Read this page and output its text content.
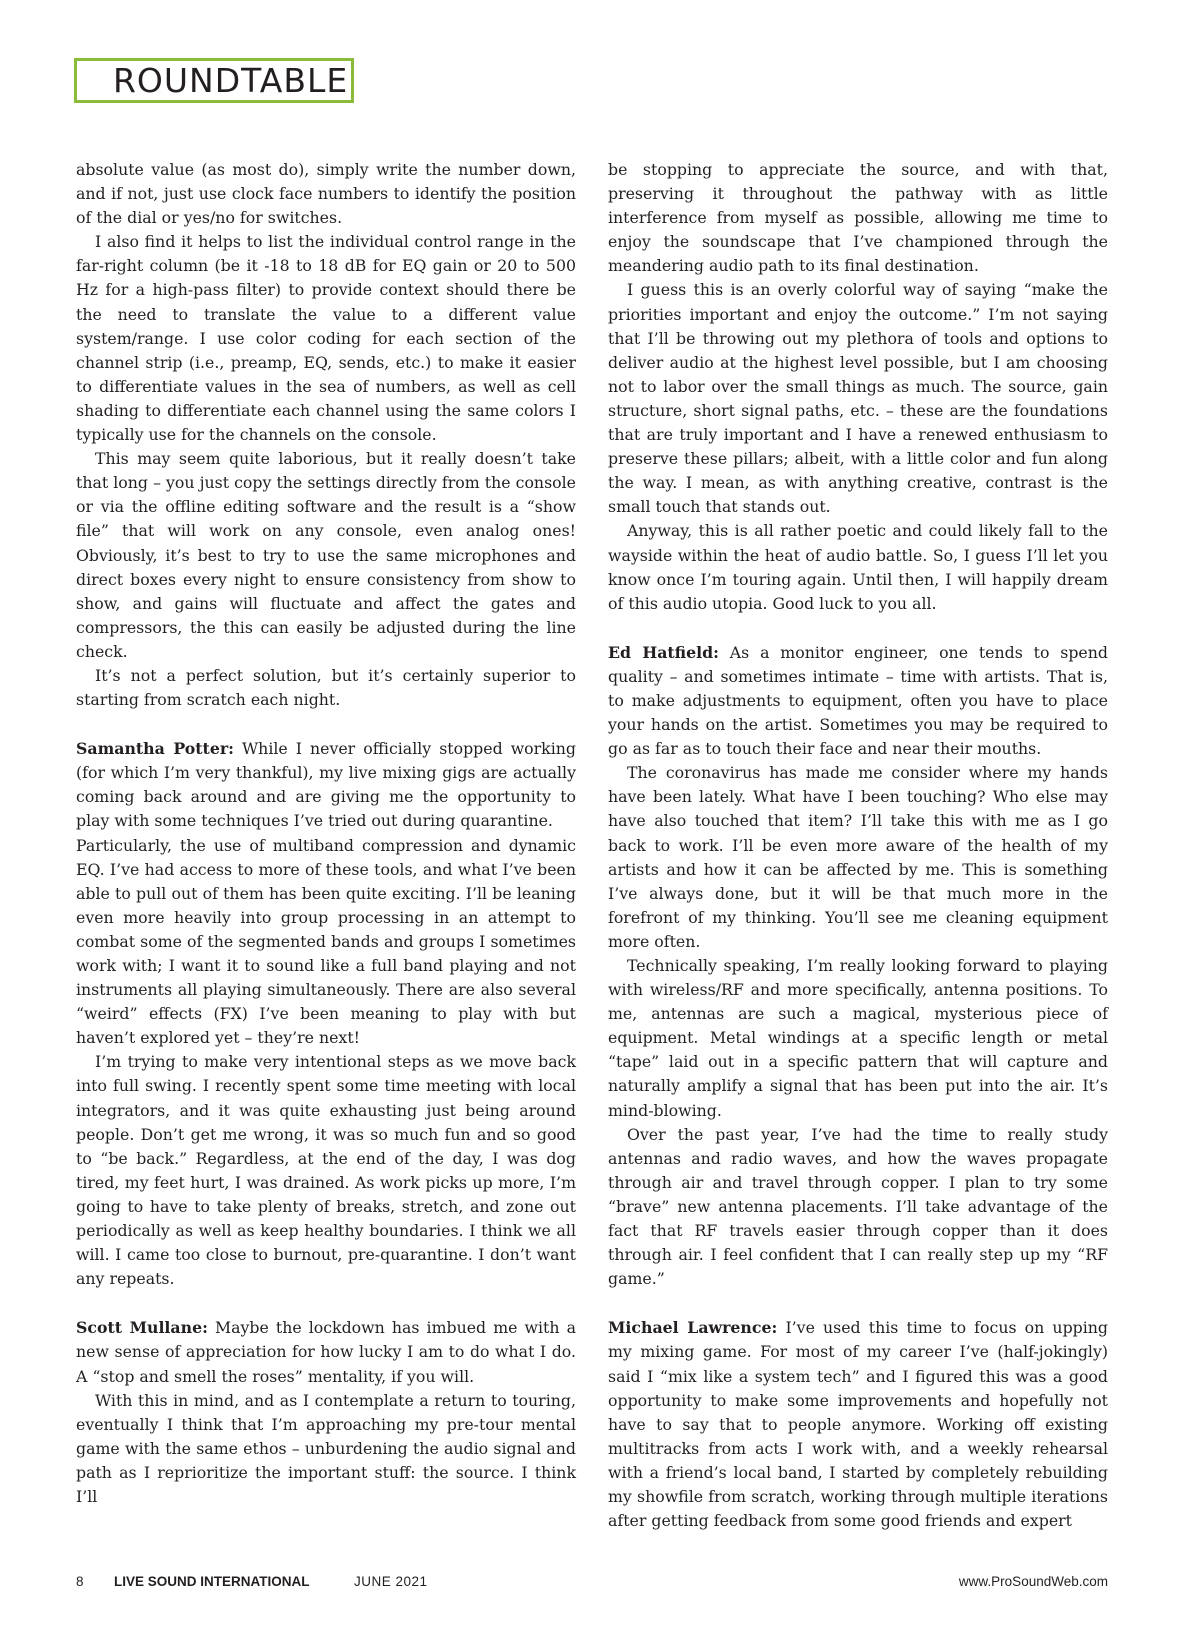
ROUNDTABLE

absolute value (as most do), simply write the number down, and if not, just use clock face numbers to identify the position of the dial or yes/no for switches.

I also find it helps to list the individual control range in the far-right column (be it -18 to 18 dB for EQ gain or 20 to 500 Hz for a high-pass filter) to provide context should there be the need to translate the value to a different value system/range. I use color coding for each section of the channel strip (i.e., preamp, EQ, sends, etc.) to make it easier to differentiate values in the sea of numbers, as well as cell shading to differentiate each channel using the same colors I typically use for the channels on the console.

This may seem quite laborious, but it really doesn’t take that long – you just copy the settings directly from the console or via the offline editing software and the result is a “show file” that will work on any console, even analog ones! Obviously, it’s best to try to use the same microphones and direct boxes every night to ensure consistency from show to show, and gains will fluctuate and affect the gates and compressors, the this can easily be adjusted during the line check.

It’s not a perfect solution, but it’s certainly superior to starting from scratch each night.

Samantha Potter: While I never officially stopped working (for which I’m very thankful), my live mixing gigs are actually coming back around and are giving me the opportunity to play with some techniques I’ve tried out during quarantine.

Particularly, the use of multiband compression and dynamic EQ. I’ve had access to more of these tools, and what I’ve been able to pull out of them has been quite exciting. I’ll be leaning even more heavily into group processing in an attempt to combat some of the segmented bands and groups I sometimes work with; I want it to sound like a full band playing and not instruments all playing simultaneously. There are also several “weird” effects (FX) I’ve been meaning to play with but haven’t explored yet – they’re next!

I’m trying to make very intentional steps as we move back into full swing. I recently spent some time meeting with local integrators, and it was quite exhausting just being around people. Don’t get me wrong, it was so much fun and so good to “be back.” Regardless, at the end of the day, I was dog tired, my feet hurt, I was drained. As work picks up more, I’m going to have to take plenty of breaks, stretch, and zone out periodically as well as keep healthy boundaries. I think we all will. I came too close to burnout, pre-quarantine. I don’t want any repeats.

Scott Mullane: Maybe the lockdown has imbued me with a new sense of appreciation for how lucky I am to do what I do. A “stop and smell the roses” mentality, if you will.

With this in mind, and as I contemplate a return to touring, eventually I think that I’m approaching my pre-tour mental game with the same ethos – unburdening the audio signal and path as I reprioritize the important stuff: the source. I think I’ll

be stopping to appreciate the source, and with that, preserving it throughout the pathway with as little interference from myself as possible, allowing me time to enjoy the soundscape that I’ve championed through the meandering audio path to its final destination.

I guess this is an overly colorful way of saying “make the priorities important and enjoy the outcome.” I’m not saying that I’ll be throwing out my plethora of tools and options to deliver audio at the highest level possible, but I am choosing not to labor over the small things as much. The source, gain structure, short signal paths, etc. – these are the foundations that are truly important and I have a renewed enthusiasm to preserve these pillars; albeit, with a little color and fun along the way. I mean, as with anything creative, contrast is the small touch that stands out.

Anyway, this is all rather poetic and could likely fall to the wayside within the heat of audio battle. So, I guess I’ll let you know once I’m touring again. Until then, I will happily dream of this audio utopia. Good luck to you all.

Ed Hatfield: As a monitor engineer, one tends to spend quality – and sometimes intimate – time with artists. That is, to make adjustments to equipment, often you have to place your hands on the artist. Sometimes you may be required to go as far as to touch their face and near their mouths.

The coronavirus has made me consider where my hands have been lately. What have I been touching? Who else may have also touched that item? I’ll take this with me as I go back to work. I’ll be even more aware of the health of my artists and how it can be affected by me. This is something I’ve always done, but it will be that much more in the forefront of my thinking. You’ll see me cleaning equipment more often.

Technically speaking, I’m really looking forward to playing with wireless/RF and more specifically, antenna positions. To me, antennas are such a magical, mysterious piece of equipment. Metal windings at a specific length or metal “tape” laid out in a specific pattern that will capture and naturally amplify a signal that has been put into the air. It’s mind-blowing.

Over the past year, I’ve had the time to really study antennas and radio waves, and how the waves propagate through air and travel through copper. I plan to try some “brave” new antenna placements. I’ll take advantage of the fact that RF travels easier through copper than it does through air. I feel confident that I can really step up my “RF game.”

Michael Lawrence: I’ve used this time to focus on upping my mixing game. For most of my career I’ve (half-jokingly) said I “mix like a system tech” and I figured this was a good opportunity to make some improvements and hopefully not have to say that to people anymore. Working off existing multitracks from acts I work with, and a weekly rehearsal with a friend’s local band, I started by completely rebuilding my showfile from scratch, working through multiple iterations after getting feedback from some good friends and expert

8 LIVE SOUND INTERNATIONAL	JUNE 2021	www.ProSoundWeb.com
